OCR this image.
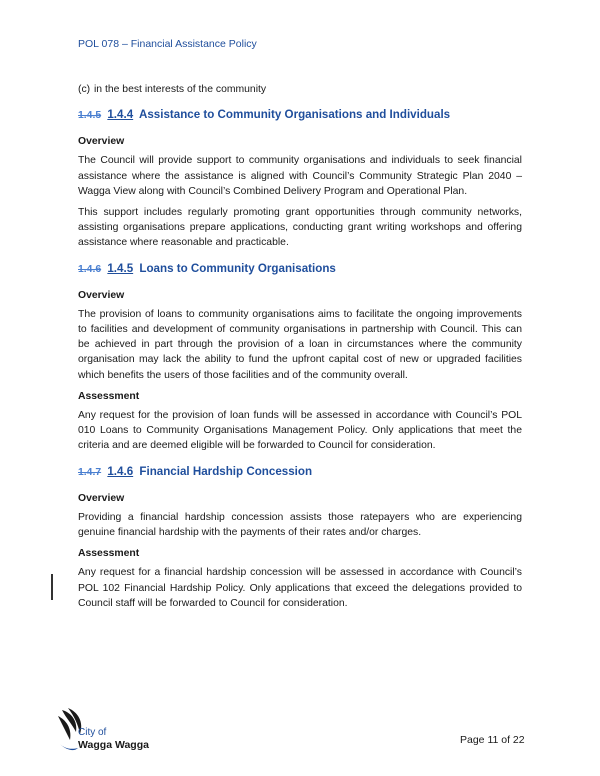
POL 078 – Financial Assistance Policy
(c) in the best interests of the community
1.4.5 1.4.4 Assistance to Community Organisations and Individuals
Overview

The Council will provide support to community organisations and individuals to seek financial assistance where the assistance is aligned with Council’s Community Strategic Plan 2040 – Wagga View along with Council’s Combined Delivery Program and Operational Plan.

This support includes regularly promoting grant opportunities through community networks, assisting organisations prepare applications, conducting grant writing workshops and offering assistance where reasonable and practicable.

1.4.6 1.4.5 Loans to Community Organisations
Overview

The provision of loans to community organisations aims to facilitate the ongoing improvements to facilities and development of community organisations in partnership with Council. This can be achieved in part through the provision of a loan in circumstances where the community organisation may lack the ability to fund the upfront capital cost of new or upgraded facilities which benefits the users of those facilities and of the community overall.

Assessment

Any request for the provision of loan funds will be assessed in accordance with Council’s POL 010 Loans to Community Organisations Management Policy. Only applications that meet the criteria and are deemed eligible will be forwarded to Council for consideration.

1.4.7 1.4.6 Financial Hardship Concession
Overview

Providing a financial hardship concession assists those ratepayers who are experiencing genuine financial hardship with the payments of their rates and/or charges.

Assessment

Any request for a financial hardship concession will be assessed in accordance with Council’s POL 102 Financial Hardship Policy. Only applications that exceed the delegations provided to Council staff will be forwarded to Council for consideration.

City of
Wagga Wagga	Page 11 of 22
